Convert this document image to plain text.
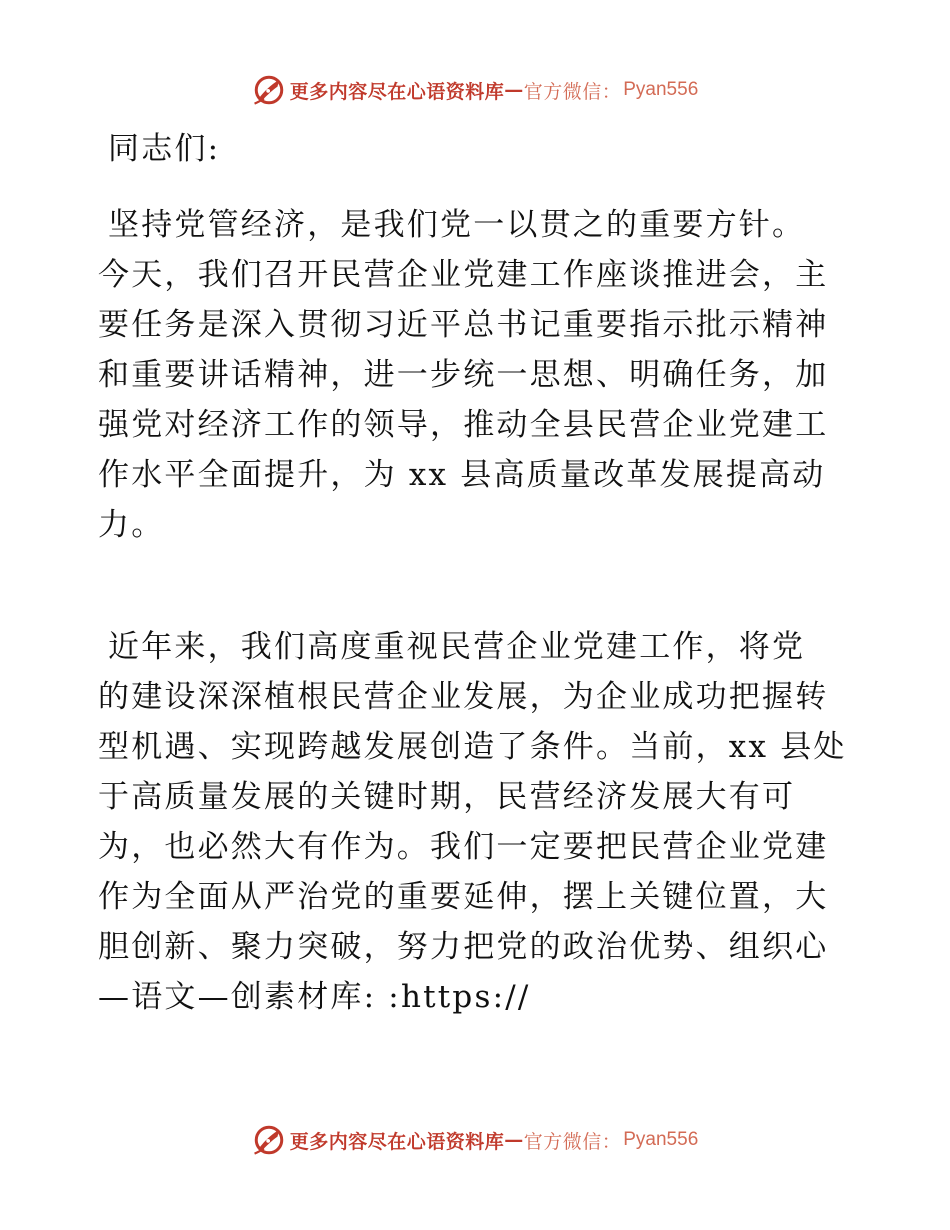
更多内容尽在心语资料库 — 官方微信： Pyan556
同志们:
坚持党管经济，是我们党一以贯之的重要方针。
今天，我们召开民营企业党建工作座谈推进会，主
要任务是深入贯彻习近平总书记重要指示批示精神
和重要讲话精神，进一步统一思想、明确任务，加
强党对经济工作的领导，推动全县民营企业党建工
作水平全面提升，为 xx 县高质量改革发展提高动
力。
近年来，我们高度重视民营企业党建工作，将党
的建设深深植根民营企业发展，为企业成功把握转
型机遇、实现跨越发展创造了条件。当前，xx 县处
于高质量发展的关键时期，民营经济发展大有可
为，也必然大有作为。我们一定要把民营企业党建
作为全面从严治党的重要延伸，摆上关键位置，大
胆创新、聚力突破，努力把党的政治优势、组织心
—语文—创素材库: :https://
更多内容尽在心语资料库 — 官方微信： Pyan556
